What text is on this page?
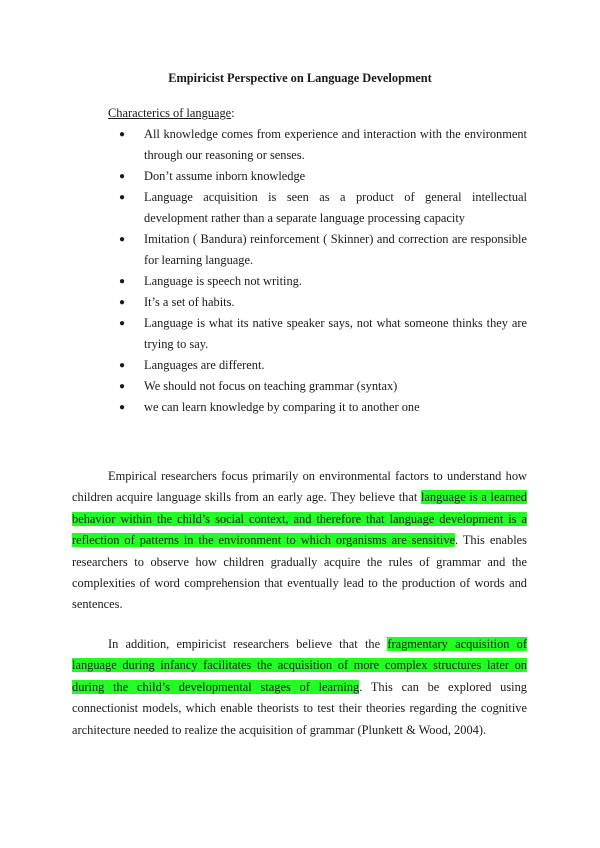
Empiricist Perspective on Language Development
Characterics of language:
● All knowledge comes from experience and interaction with the environment through our reasoning or senses.
● Don’t assume inborn knowledge
● Language acquisition is seen as a product of general intellectual development rather than a separate language processing capacity
● Imitation ( Bandura) reinforcement ( Skinner) and correction are responsible for learning language.
● Language is speech not writing.
● It’s a set of habits.
● Language is what its native speaker says, not what someone thinks they are trying to say.
● Languages are different.
● We should not focus on teaching grammar (syntax)
● we can learn knowledge by comparing it to another one

Empirical researchers focus primarily on environmental factors to understand how children acquire language skills from an early age. They believe that language is a learned behavior within the child’s social context, and therefore that language development is a reflection of patterns in the environment to which organisms are sensitive. This enables researchers to observe how children gradually acquire the rules of grammar and the complexities of word comprehension that eventually lead to the production of words and sentences.

In addition, empiricist researchers believe that the fragmentary acquisition of language during infancy facilitates the acquisition of more complex structures later on during the child’s developmental stages of learning. This can be explored using connectionist models, which enable theorists to test their theories regarding the cognitive architecture needed to realize the acquisition of grammar (Plunkett & Wood, 2004).
